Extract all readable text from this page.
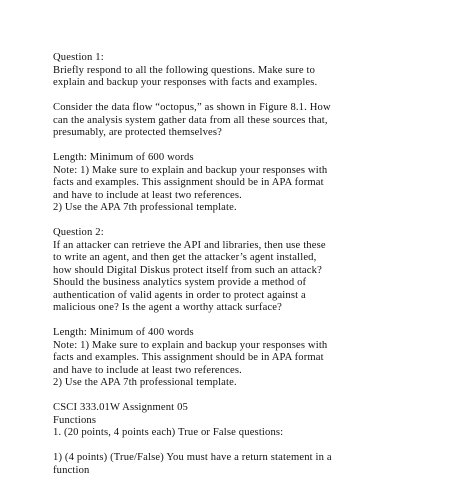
Question 1:
Briefly respond to all the following questions. Make sure to
explain and backup your responses with facts and examples.
Consider the data flow “octopus,” as shown in Figure 8.1. How
can the analysis system gather data from all these sources that,
presumably, are protected themselves?
Length: Minimum of 600 words
Note: 1) Make sure to explain and backup your responses with
facts and examples. This assignment should be in APA format
and have to include at least two references.
2) Use the APA 7th professional template.
Question 2:
If an attacker can retrieve the API and libraries, then use these
to write an agent, and then get the attacker’s agent installed,
how should Digital Diskus protect itself from such an attack?
Should the business analytics system provide a method of
authentication of valid agents in order to protect against a
malicious one? Is the agent a worthy attack surface?
Length: Minimum of 400 words
Note: 1) Make sure to explain and backup your responses with
facts and examples. This assignment should be in APA format
and have to include at least two references.
2) Use the APA 7th professional template.
CSCI 333.01W Assignment 05
Functions
1. (20 points, 4 points each) True or False questions:
1) (4 points) (True/False) You must have a return statement in a
function
